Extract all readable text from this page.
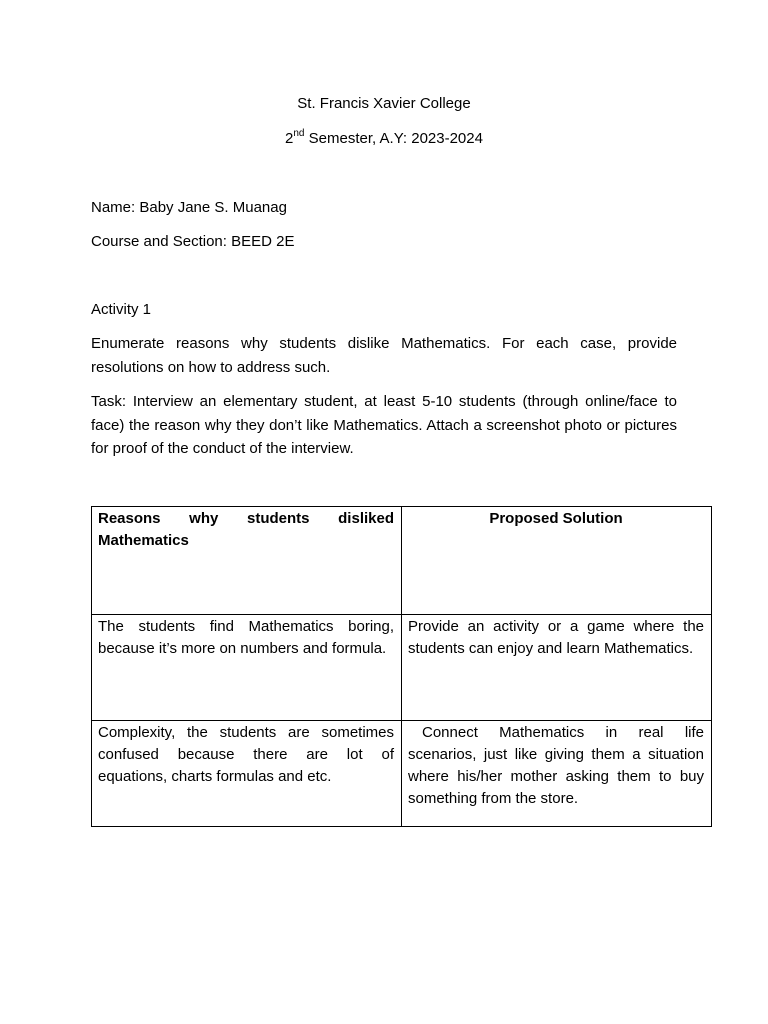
St. Francis Xavier College
2nd Semester, A.Y: 2023-2024
Name: Baby Jane S. Muanag
Course and Section: BEED 2E
Activity 1
Enumerate reasons why students dislike Mathematics. For each case, provide resolutions on how to address such.
Task: Interview an elementary student, at least 5-10 students (through online/face to face) the reason why they don’t like Mathematics. Attach a screenshot photo or pictures for proof of the conduct of the interview.
Reasons why students disliked Mathematics	Proposed Solution
The students find Mathematics boring, because it’s more on numbers and formula.	Provide an activity or a game where the students can enjoy and learn Mathematics.
Complexity, the students are sometimes confused because there are lot of equations, charts formulas and etc.	Connect Mathematics in real life scenarios, just like giving them a situation where his/her mother asking them to buy something from the store.
